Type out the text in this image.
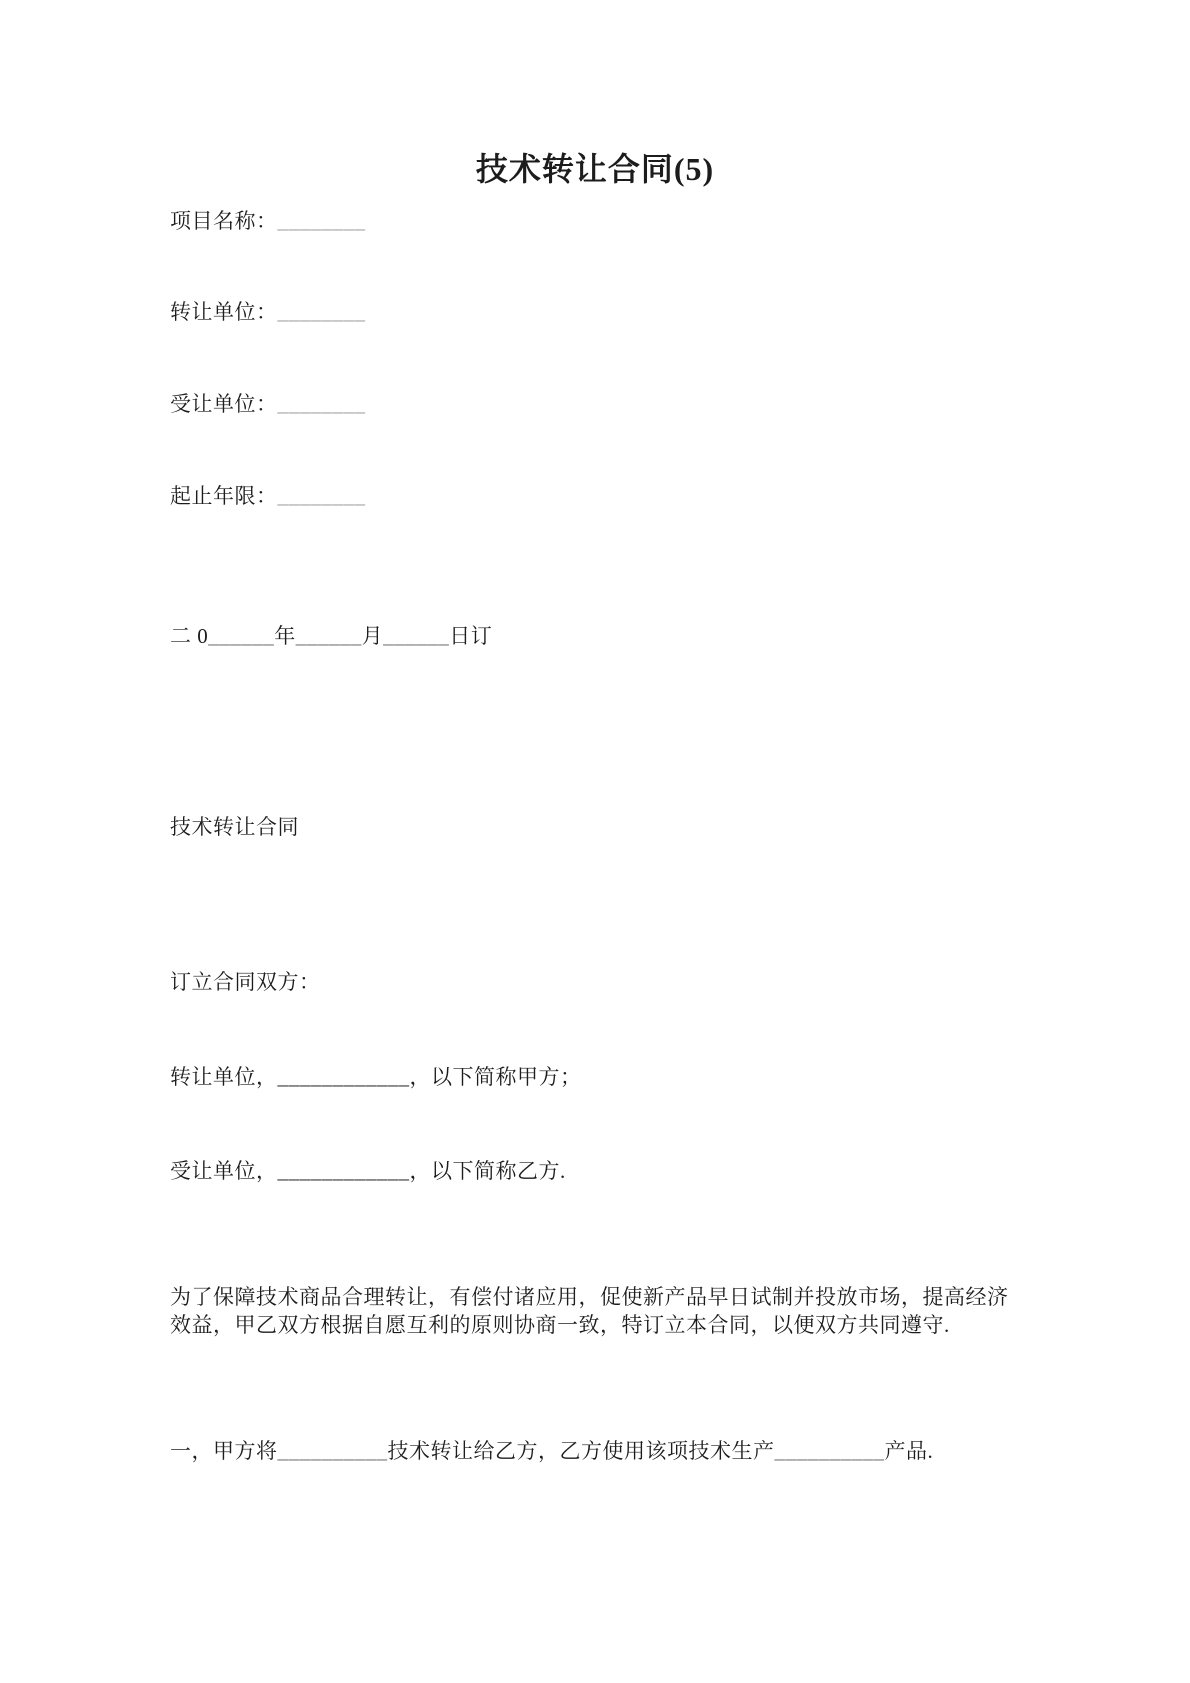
技术转让合同(5)

项目名称：________

转让单位：________

受让单位：________

起止年限：________

二 0______年______月______日订

技术转让合同

订立合同双方：

转让单位，____________，以下简称甲方；

受让单位，____________，以下简称乙方.

为了保障技术商品合理转让，有偿付诸应用，促使新产品早日试制并投放市场，提高经济效益，甲乙双方根据自愿互利的原则协商一致，特订立本合同，以便双方共同遵守.

一，甲方将__________技术转让给乙方，乙方使用该项技术生产__________产品.
